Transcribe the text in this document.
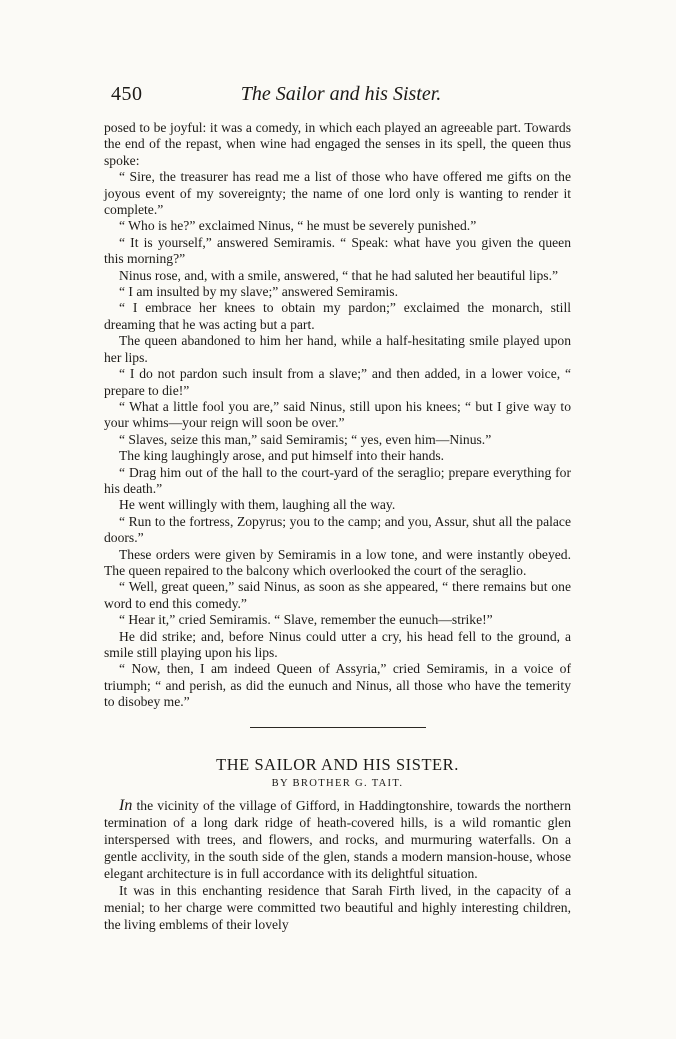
450	The Sailor and his Sister.

posed to be joyful: it was a comedy, in which each played an agreeable part. Towards the end of the repast, when wine had engaged the senses in its spell, the queen thus spoke:

“ Sire, the treasurer has read me a list of those who have offered me gifts on the joyous event of my sovereignty; the name of one lord only is wanting to render it complete.”

“ Who is he?” exclaimed Ninus, “ he must be severely punished.”

“ It is yourself,” answered Semiramis. “ Speak: what have you given the queen this morning?”

Ninus rose, and, with a smile, answered, “ that he had saluted her beautiful lips.”

“ I am insulted by my slave;” answered Semiramis.

“ I embrace her knees to obtain my pardon;” exclaimed the monarch, still dreaming that he was acting but a part.

The queen abandoned to him her hand, while a half-hesitating smile played upon her lips.

“ I do not pardon such insult from a slave;” and then added, in a lower voice, “ prepare to die!”

“ What a little fool you are,” said Ninus, still upon his knees; “ but I give way to your whims—your reign will soon be over.”

“ Slaves, seize this man,” said Semiramis; “ yes, even him—Ninus.”

The king laughingly arose, and put himself into their hands.

“ Drag him out of the hall to the court-yard of the seraglio; prepare everything for his death.”

He went willingly with them, laughing all the way.

“ Run to the fortress, Zopyrus; you to the camp; and you, Assur, shut all the palace doors.”

These orders were given by Semiramis in a low tone, and were instantly obeyed. The queen repaired to the balcony which overlooked the court of the seraglio.

“ Well, great queen,” said Ninus, as soon as she appeared, “ there remains but one word to end this comedy.”

“ Hear it,” cried Semiramis. “ Slave, remember the eunuch—strike!”

He did strike; and, before Ninus could utter a cry, his head fell to the ground, a smile still playing upon his lips.

“ Now, then, I am indeed Queen of Assyria,” cried Semiramis, in a voice of triumph; “ and perish, as did the eunuch and Ninus, all those who have the temerity to disobey me.”

THE SAILOR AND HIS SISTER.
BY BROTHER G. TAIT.

In the vicinity of the village of Gifford, in Haddingtonshire, towards the northern termination of a long dark ridge of heath-covered hills, is a wild romantic glen interspersed with trees, and flowers, and rocks, and murmuring waterfalls. On a gentle acclivity, in the south side of the glen, stands a modern mansion-house, whose elegant architecture is in full accordance with its delightful situation.

It was in this enchanting residence that Sarah Firth lived, in the capacity of a menial; to her charge were committed two beautiful and highly interesting children, the living emblems of their lovely
